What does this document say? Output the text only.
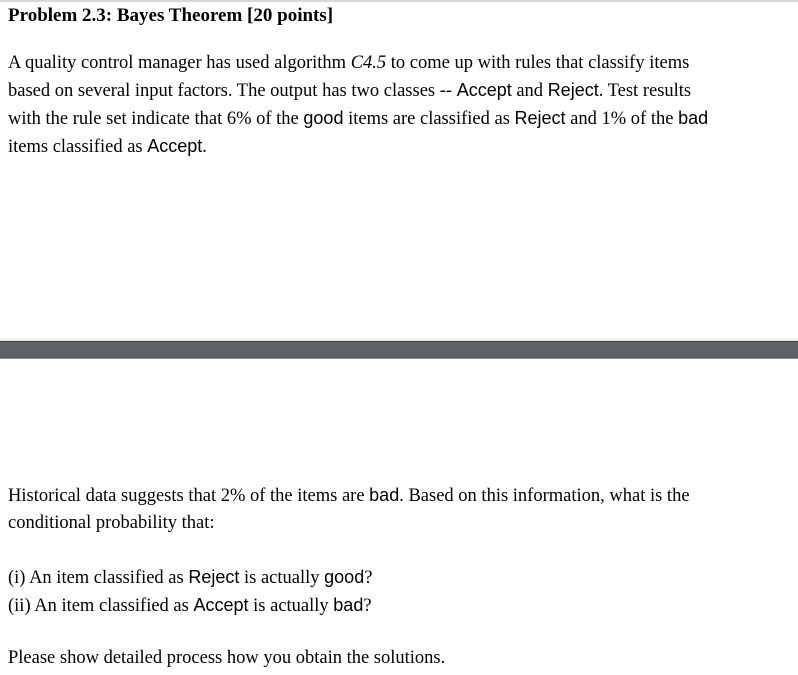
Problem 2.3: Bayes Theorem [20 points]

A quality control manager has used algorithm C4.5 to come up with rules that classify items
based on several input factors. The output has two classes -- Accept and Reject. Test results
with the rule set indicate that 6% of the good items are classified as Reject and 1% of the bad
items classified as Accept.

Historical data suggests that 2% of the items are bad. Based on this information, what is the
conditional probability that:

(i) An item classified as Reject is actually good?
(ii) An item classified as Accept is actually bad?

Please show detailed process how you obtain the solutions.
